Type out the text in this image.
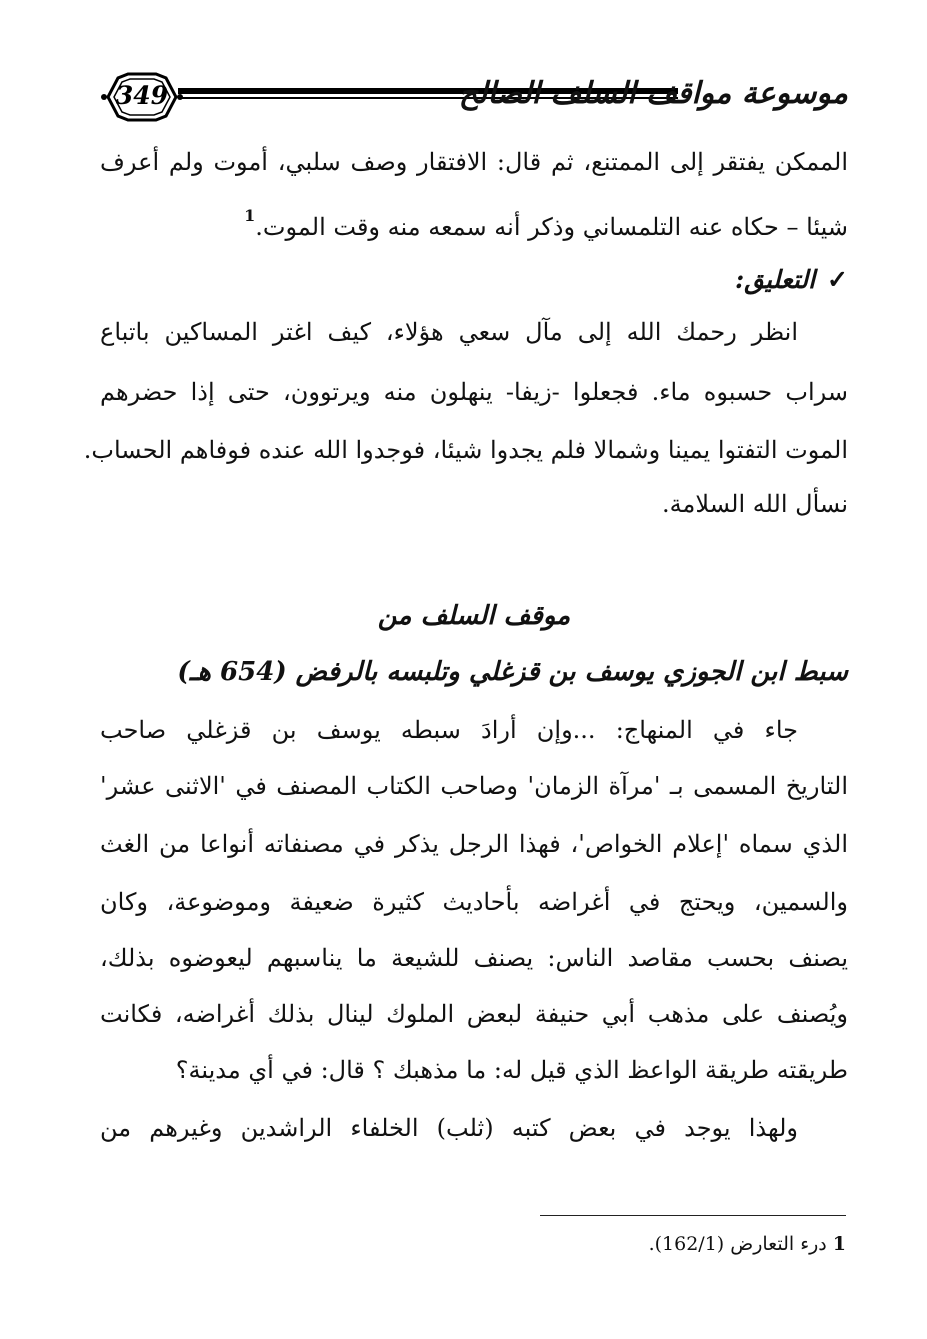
349	موسوعة مواقف السلف الصالح
الممكن يفتقر إلى الممتنع، ثم قال: الافتقار وصف سلبي، أموت ولم أعرف
شيئا – حكاه عنه التلمساني وذكر أنه سمعه منه وقت الموت.$^1$
✓التعليق:
انظر رحمك الله إلى مآل سعي هؤلاء، كيف اغتر المساكين باتباع
سراب حسبوه ماء. فجعلوا -زيفا- ينهلون منه ويرتوون، حتى إذا حضرهم
الموت التفتوا يمينا وشمالا فلم يجدوا شيئا، فوجدوا الله عنده فوفاهم الحساب.
نسأل الله السلامة.
موقف السلف من
سبط ابن الجوزي يوسف بن قزغلي وتلبسه بالرفض (654 هـ)
جاء في المنهاج: ...وإن أرادَ سبطه يوسف بن قزغلي صاحب
التاريخ المسمى بـ 'مرآة الزمان' وصاحب الكتاب المصنف في 'الاثنى عشر'
الذي سماه 'إعلام الخواص'، فهذا الرجل يذكر في مصنفاته أنواعا من الغث
والسمين، ويحتج في أغراضه بأحاديث كثيرة ضعيفة وموضوعة، وكان
يصنف بحسب مقاصد الناس: يصنف للشيعة ما يناسبهم ليعوضوه بذلك،
ويُصنف على مذهب أبي حنيفة لبعض الملوك لينال بذلك أغراضه، فكانت
طريقته طريقة الواعظ الذي قيل له: ما مذهبك ؟ قال: في أي مدينة؟
ولهذا يوجد في بعض كتبه (ثلب) الخلفاء الراشدين وغيرهم من
1درء التعارض (162/1).
